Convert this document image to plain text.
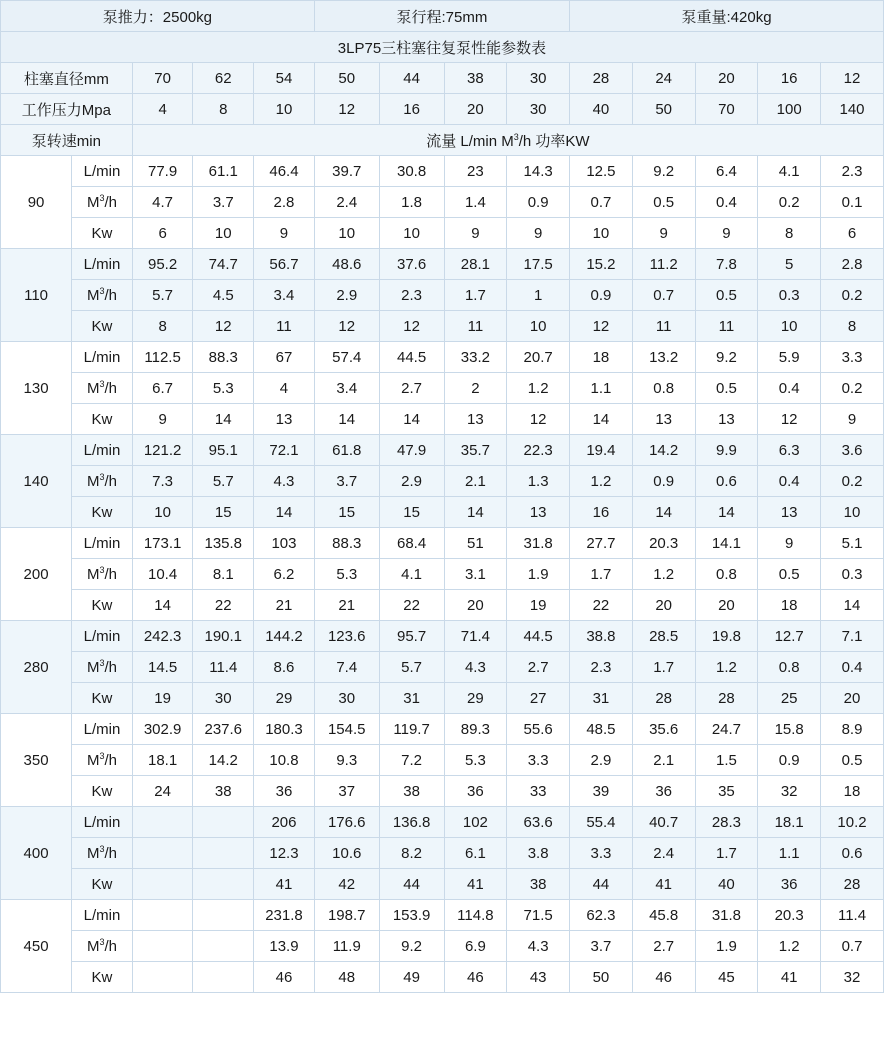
泵推力：2500kg					泵行程:75mm				泵重量:420kg				
3LP75三柱塞往复泵性能参数表													
柱塞直径mm		70	62	54	50	44	38	30	28	24	20	16	12
工作压力Mpa		4	8	10	12	16	20	30	40	50	70	100	140
泵转速min		流量 L/min $M^3/h$ 功率KW											
90	L/min	77.9	61.1	46.4	39.7	30.8	23	14.3	12.5	9.2	6.4	4.1	2.3
	$M^3/h$	4.7	3.7	2.8	2.4	1.8	1.4	0.9	0.7	0.5	0.4	0.2	0.1
	Kw	6	10	9	10	10	9	9	10	9	9	8	6
110	L/min	95.2	74.7	56.7	48.6	37.6	28.1	17.5	15.2	11.2	7.8	5	2.8
	$M^3/h$	5.7	4.5	3.4	2.9	2.3	1.7	1	0.9	0.7	0.5	0.3	0.2
	Kw	8	12	11	12	12	11	10	12	11	11	10	8
130	L/min	112.5	88.3	67	57.4	44.5	33.2	20.7	18	13.2	9.2	5.9	3.3
	$M^3/h$	6.7	5.3	4	3.4	2.7	2	1.2	1.1	0.8	0.5	0.4	0.2
	Kw	9	14	13	14	14	13	12	14	13	13	12	9
140	L/min	121.2	95.1	72.1	61.8	47.9	35.7	22.3	19.4	14.2	9.9	6.3	3.6
	$M^3/h$	7.3	5.7	4.3	3.7	2.9	2.1	1.3	1.2	0.9	0.6	0.4	0.2
	Kw	10	15	14	15	15	14	13	16	14	14	13	10
200	L/min	173.1	135.8	103	88.3	68.4	51	31.8	27.7	20.3	14.1	9	5.1
	$M^3/h$	10.4	8.1	6.2	5.3	4.1	3.1	1.9	1.7	1.2	0.8	0.5	0.3
	Kw	14	22	21	21	22	20	19	22	20	20	18	14
280	L/min	242.3	190.1	144.2	123.6	95.7	71.4	44.5	38.8	28.5	19.8	12.7	7.1
	$M^3/h$	14.5	11.4	8.6	7.4	5.7	4.3	2.7	2.3	1.7	1.2	0.8	0.4
	Kw	19	30	29	30	31	29	27	31	28	28	25	20
350	L/min	302.9	237.6	180.3	154.5	119.7	89.3	55.6	48.5	35.6	24.7	15.8	8.9
	$M^3/h$	18.1	14.2	10.8	9.3	7.2	5.3	3.3	2.9	2.1	1.5	0.9	0.5
	Kw	24	38	36	37	38	36	33	39	36	35	32	18
400	L/min			206	176.6	136.8	102	63.6	55.4	40.7	28.3	18.1	10.2
	$M^3/h$			12.3	10.6	8.2	6.1	3.8	3.3	2.4	1.7	1.1	0.6
	Kw			41	42	44	41	38	44	41	40	36	28
450	L/min			231.8	198.7	153.9	114.8	71.5	62.3	45.8	31.8	20.3	11.4
	$M^3/h$			13.9	11.9	9.2	6.9	4.3	3.7	2.7	1.9	1.2	0.7
	Kw			46	48	49	46	43	50	46	45	41	32
